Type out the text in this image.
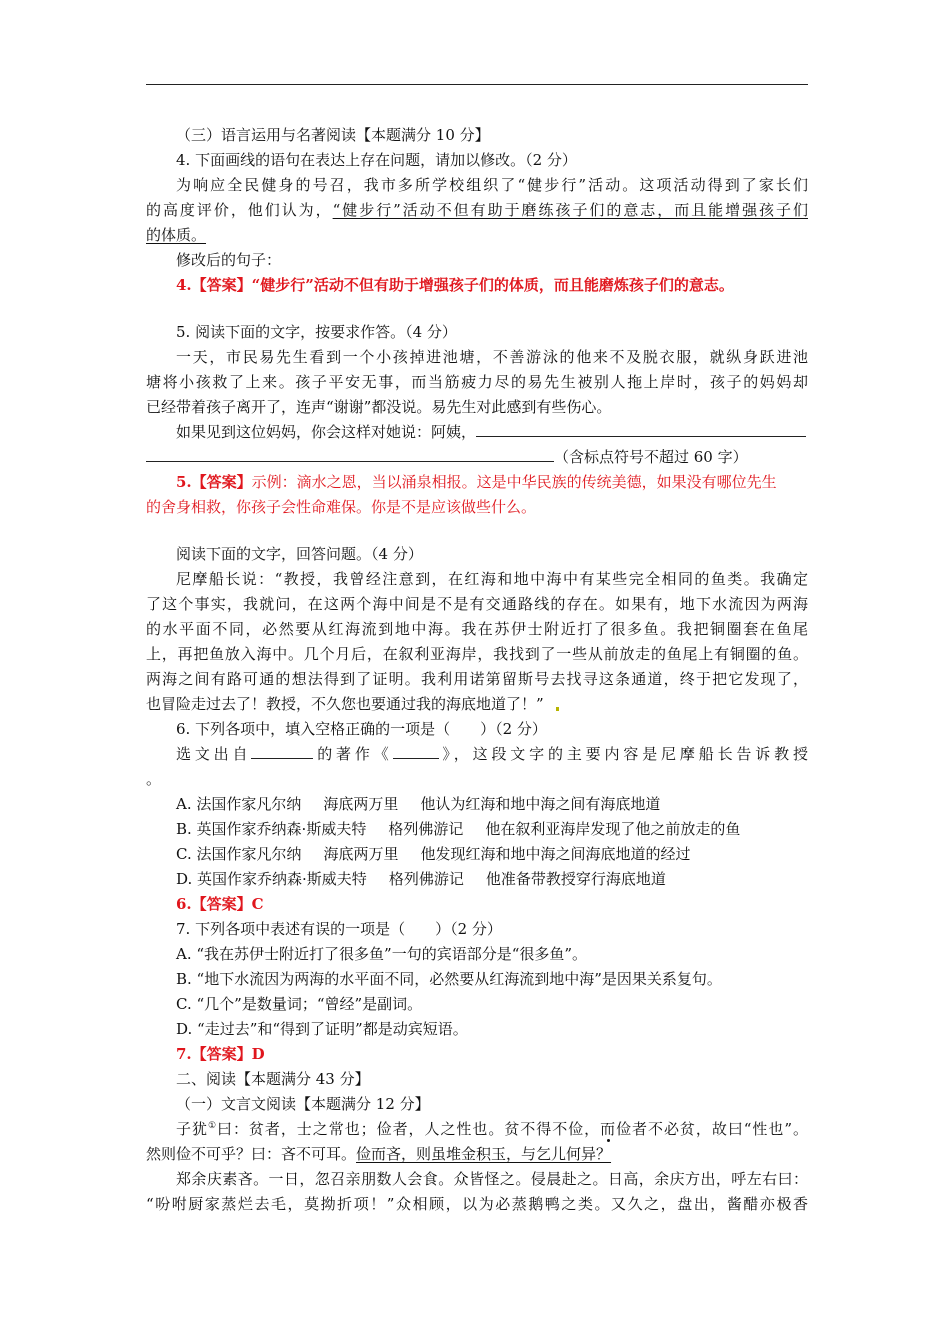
（三）语言运用与名著阅读【本题满分 10 分】
4. 下面画线的语句在表达上存在问题，请加以修改。（2 分）
为响应全民健身的号召，我市多所学校组织了“健步行”活动。这项活动得到了家长们
的高度评价，他们认为，“健步行”活动不但有助于磨练孩子们的意志，而且能增强孩子们
的体质。
修改后的句子：
4.【答案】“健步行”活动不但有助于增强孩子们的体质，而且能磨炼孩子们的意志。
5. 阅读下面的文字，按要求作答。（4 分）
一天，市民易先生看到一个小孩掉进池塘，不善游泳的他来不及脱衣服，就纵身跃进池
塘将小孩救了上来。孩子平安无事，而当筋疲力尽的易先生被别人拖上岸时，孩子的妈妈却
已经带着孩子离开了，连声“谢谢”都没说。易先生对此感到有些伤心。
如果见到这位妈妈，你会这样对她说：阿姨，
（含标点符号不超过 60 字）
5.【答案】示例：滴水之恩，当以涌泉相报。这是中华民族的传统美德，如果没有哪位先生
的舍身相救，你孩子会性命难保。你是不是应该做些什么。
阅读下面的文字，回答问题。（4 分）
尼摩船长说：“教授，我曾经注意到，在红海和地中海中有某些完全相同的鱼类。我确定
了这个事实，我就问，在这两个海中间是不是有交通路线的存在。如果有，地下水流因为两海
的水平面不同，必然要从红海流到地中海。我在苏伊士附近打了很多鱼。我把铜圈套在鱼尾
上，再把鱼放入海中。几个月后，在叙利亚海岸，我找到了一些从前放走的鱼尾上有铜圈的鱼。
两海之间有路可通的想法得到了证明。我利用诺第留斯号去找寻这条通道，终于把它发现了，
也冒险走过去了！教授，不久您也要通过我的海底地道了！”
6. 下列各项中，填入空格正确的一项是（　　）（2 分）
选文出自	的著作《	》，这段文字的主要内容是尼摩船长告诉教授
。
A. 法国作家凡尔纳 海底两万里 他认为红海和地中海之间有海底地道
B. 英国作家乔纳森·斯威夫特 格列佛游记 他在叙利亚海岸发现了他之前放走的鱼
C. 法国作家凡尔纳 海底两万里 他发现红海和地中海之间海底地道的经过
D. 英国作家乔纳森·斯威夫特 格列佛游记 他准备带教授穿行海底地道
6.【答案】C
7. 下列各项中表述有误的一项是（　　）（2 分）
A. “我在苏伊士附近打了很多鱼”一句的宾语部分是“很多鱼”。
B. “地下水流因为两海的水平面不同，必然要从红海流到地中海”是因果关系复句。
C. “几个”是数量词；“曾经”是副词。
D. “走过去”和“得到了证明”都是动宾短语。
7.【答案】D
二、阅读【本题满分 43 分】
（一）文言文阅读【本题满分 12 分】
子犹①曰：贫者，士之常也；俭者，人之性也。贫不得不俭，而俭者不必贫，故曰“性也”。
然则俭不可乎？曰：吝不可耳。俭而吝，则虽堆金积玉，与乞儿何异？
郑余庆素吝。一日，忽召亲朋数人会食。众皆怪之。侵晨赴之。日高，余庆方出，呼左右曰：
“吩咐厨家蒸烂去毛，莫拗折项！”众相顾，以为必蒸鹅鸭之类。又久之，盘出，酱醋亦极香
